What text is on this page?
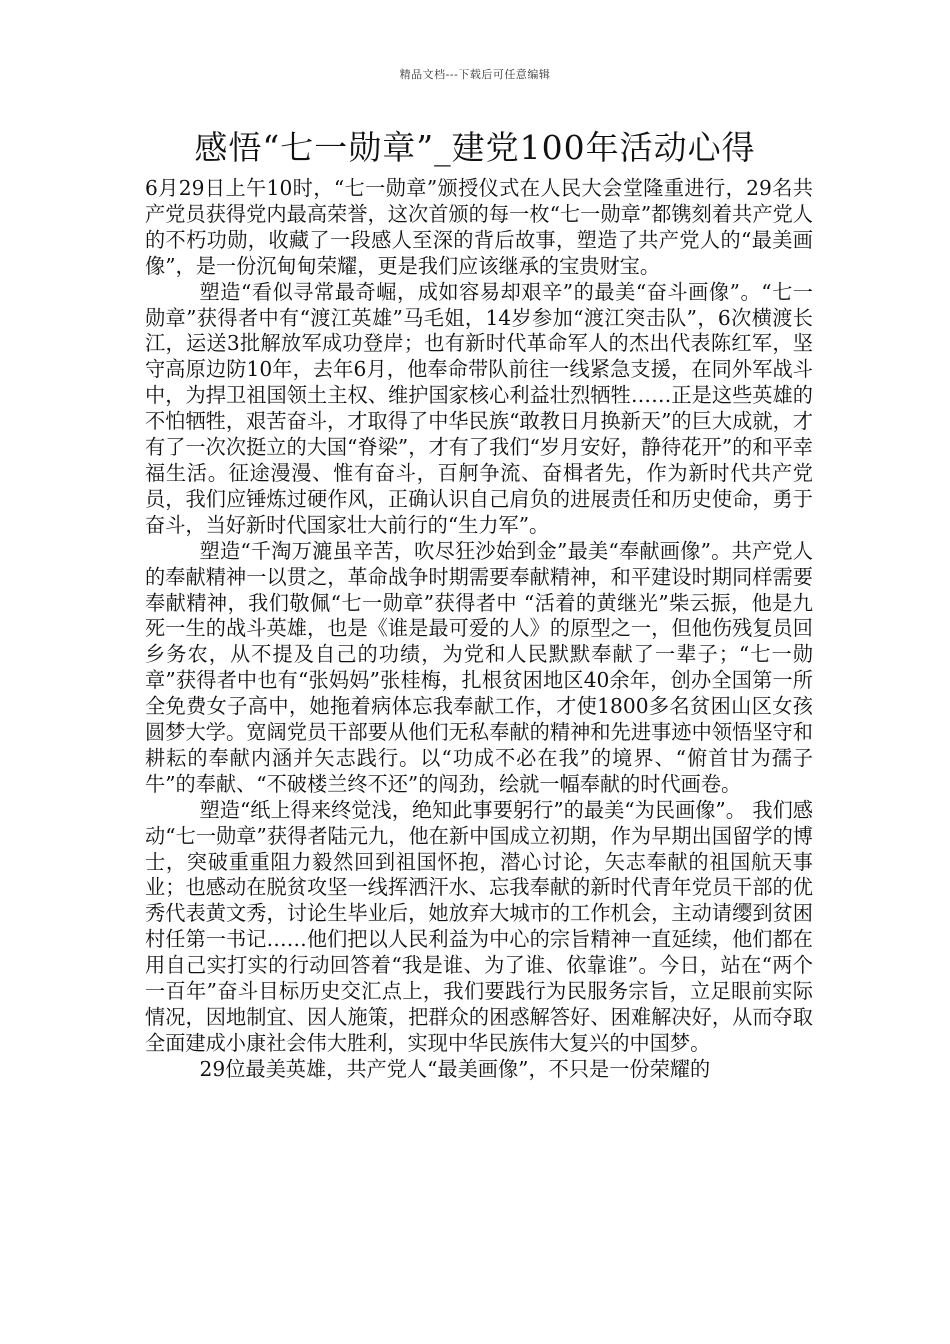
精品文档---下载后可任意编辑
感悟“七一勋章”_建党100年活动心得

6月29日上午10时，“七一勋章”颁授仪式在人民大会堂隆重进行，29名共产党员获得党内最高荣誉，这次首颁的每一枚“七一勋章”都镌刻着共产党人的不朽功勋，收藏了一段感人至深的背后故事，塑造了共产党人的“最美画像”，是一份沉甸甸荣耀，更是我们应该继承的宝贵财宝。

塑造“看似寻常最奇崛，成如容易却艰辛”的最美“奋斗画像”。“七一勋章”获得者中有“渡江英雄”马毛姐，14岁参加“渡江突击队”，6次横渡长江，运送3批解放军成功登岸；也有新时代革命军人的杰出代表陈红军，坚守高原边防10年，去年6月，他奉命带队前往一线紧急支援，在同外军战斗中，为捍卫祖国领土主权、维护国家核心利益壮烈牺牲……正是这些英雄的不怕牺牲，艰苦奋斗，才取得了中华民族“敢教日月换新天”的巨大成就，才有了一次次挺立的大国“脊梁”，才有了我们“岁月安好，静待花开”的和平幸福生活。征途漫漫、惟有奋斗，百舸争流、奋楫者先，作为新时代共产党员，我们应锤炼过硬作风，正确认识自己肩负的进展责任和历史使命，勇于奋斗，当好新时代国家壮大前行的“生力军”。

塑造“千淘万漉虽辛苦，吹尽狂沙始到金”最美“奉献画像”。共产党人的奉献精神一以贯之，革命战争时期需要奉献精神，和平建设时期同样需要奉献精神，我们敬佩“七一勋章”获得者中 “活着的黄继光”柴云振，他是九死一生的战斗英雄，也是《谁是最可爱的人》的原型之一，但他伤残复员回乡务农，从不提及自己的功绩，为党和人民默默奉献了一辈子；“七一勋章”获得者中也有“张妈妈”张桂梅，扎根贫困地区40余年，创办全国第一所全免费女子高中，她拖着病体忘我奉献工作，才使1800多名贫困山区女孩圆梦大学。宽阔党员干部要从他们无私奉献的精神和先进事迹中领悟坚守和耕耘的奉献内涵并矢志践行。以“功成不必在我”的境界、“俯首甘为孺子牛”的奉献、“不破楼兰终不还”的闯劲，绘就一幅奉献的时代画卷。

塑造“纸上得来终觉浅，绝知此事要躬行”的最美“为民画像”。 我们感动“七一勋章”获得者陆元九，他在新中国成立初期，作为早期出国留学的博士，突破重重阻力毅然回到祖国怀抱，潜心讨论，矢志奉献的祖国航天事业；也感动在脱贫攻坚一线挥洒汗水、忘我奉献的新时代青年党员干部的优秀代表黄文秀，讨论生毕业后，她放弃大城市的工作机会，主动请缨到贫困村任第一书记……他们把以人民利益为中心的宗旨精神一直延续，他们都在用自己实打实的行动回答着“我是谁、为了谁、依靠谁”。今日，站在“两个一百年”奋斗目标历史交汇点上，我们要践行为民服务宗旨，立足眼前实际情况，因地制宜、因人施策，把群众的困惑解答好、困难解决好，从而夺取全面建成小康社会伟大胜利，实现中华民族伟大复兴的中国梦。

29位最美英雄，共产党人“最美画像”，不只是一份荣耀的
